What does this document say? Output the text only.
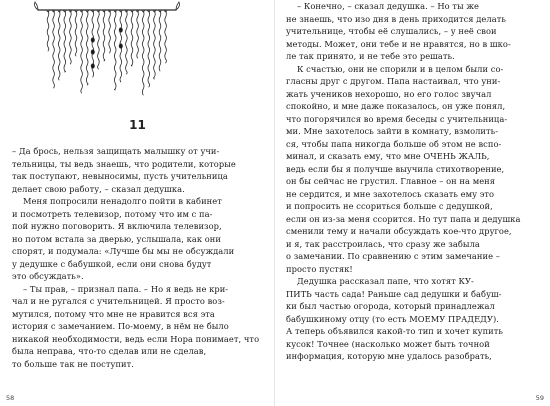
11
– Да брось, нельзя защищать малышку от учи-
тельницы, ты ведь знаешь, что родители, которые
так поступают, невыносимы, пусть учительница
делает свою работу, – сказал дедушка.
Меня попросили ненадолго пойти в кабинет
и посмотреть телевизор, потому что им с па-
пой нужно поговорить. Я включила телевизор,
но потом встала за дверью, услышала, как они
спорят, и подумала: «Лучше бы мы не обсуждали
у дедушке с бабушкой, если они снова будут
это обсуждать».
– Ты прав, – признал папа. – Но я ведь не кри-
чал и не ругался с учительницей. Я просто воз-
мутился, потому что мне не нравится вся эта
история с замечанием. По-моему, в нём не было
никакой необходимости, ведь если Нора понимает, что
была неправа, что-то сделав или не сделав,
то больше так не поступит.
58
– Конечно, – сказал дедушка. – Но ты же
не знаешь, что изо дня в день приходится делать
учительнице, чтобы её слушались, – у неё свои
методы. Может, они тебе и не нравятся, но в шко-
ле так принято, и не тебе это решать.
К счастью, они не спорили и в целом были со-
гласны друг с другом. Папа настаивал, что уни-
жать учеников нехорошо, но его голос звучал
спокойно, и мне даже показалось, он уже понял,
что погорячился во время беседы с учительница-
ми. Мне захотелось зайти в комнату, взмолить-
ся, чтобы папа никогда больше об этом не вспо-
минал, и сказать ему, что мне ОЧЕНЬ ЖАЛЬ,
ведь если бы я получше выучила стихотворение,
он бы сейчас не грустил. Главное – он на меня
не сердится, и мне захотелось сказать ему это
и попросить не ссориться больше с дедушкой,
если он из-за меня ссорится. Но тут папа и дедушка
сменили тему и начали обсуждать кое-что другое,
и я, так расстроилась, что сразу же забыла
о замечании. По сравнению с этим замечание –
просто пустяк!
Дедушка рассказал папе, что хотят КУ-
ПИТЬ часть сада! Раньше сад дедушки и бабуш-
ки был частью огорода, который принадлежал
бабушкиному отцу (то есть МОЕМУ ПРАДЕДУ).
А теперь объявился какой-то тип и хочет купить
кусок! Точнее (насколько может быть точной
информация, которую мне удалось разобрать,
59
